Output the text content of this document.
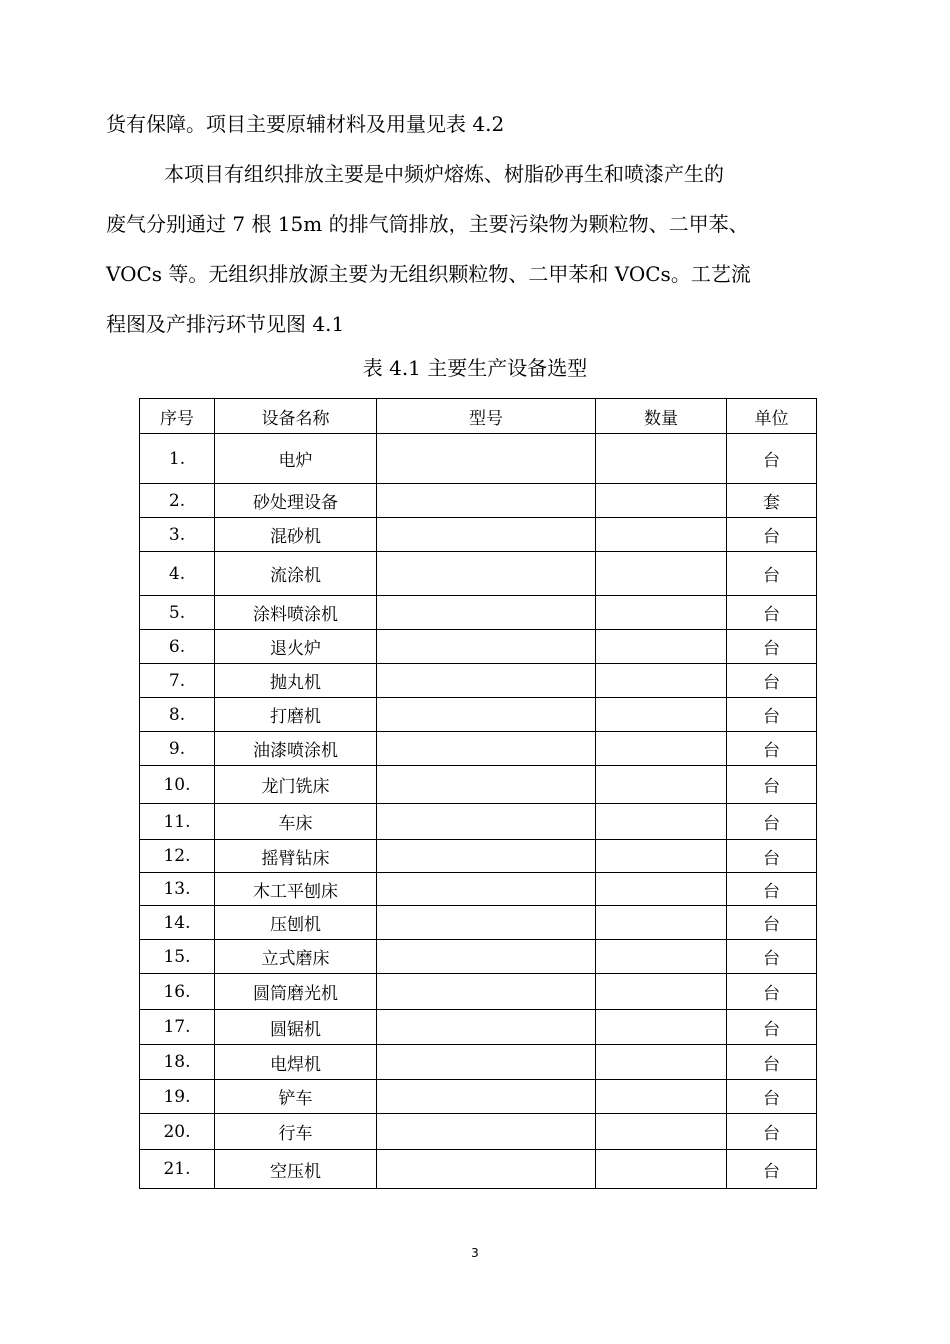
货有保障。项目主要原辅材料及用量见表 4.2

本项目有组织排放主要是中频炉熔炼、树脂砂再生和喷漆产生的
废气分别通过 7 根 15m 的排气筒排放，主要污染物为颗粒物、二甲苯、
VOCs 等。无组织排放源主要为无组织颗粒物、二甲苯和 VOCs。工艺流
程图及产排污环节见图 4.1
表 4.1 主要生产设备选型
序号	设备名称	型号	数量	单位
1.	电炉			台
2.	砂处理设备			套
3.	混砂机			台
4.	流涂机			台
5.	涂料喷涂机			台
6.	退火炉			台
7.	抛丸机			台
8.	打磨机			台
9.	油漆喷涂机			台
10.	龙门铣床			台
11.	车床			台
12.	摇臂钻床			台
13.	木工平刨床			台
14.	压刨机			台
15.	立式磨床			台
16.	圆筒磨光机			台
17.	圆锯机			台
18.	电焊机			台
19.	铲车			台
20.	行车			台
21.	空压机			台
3
